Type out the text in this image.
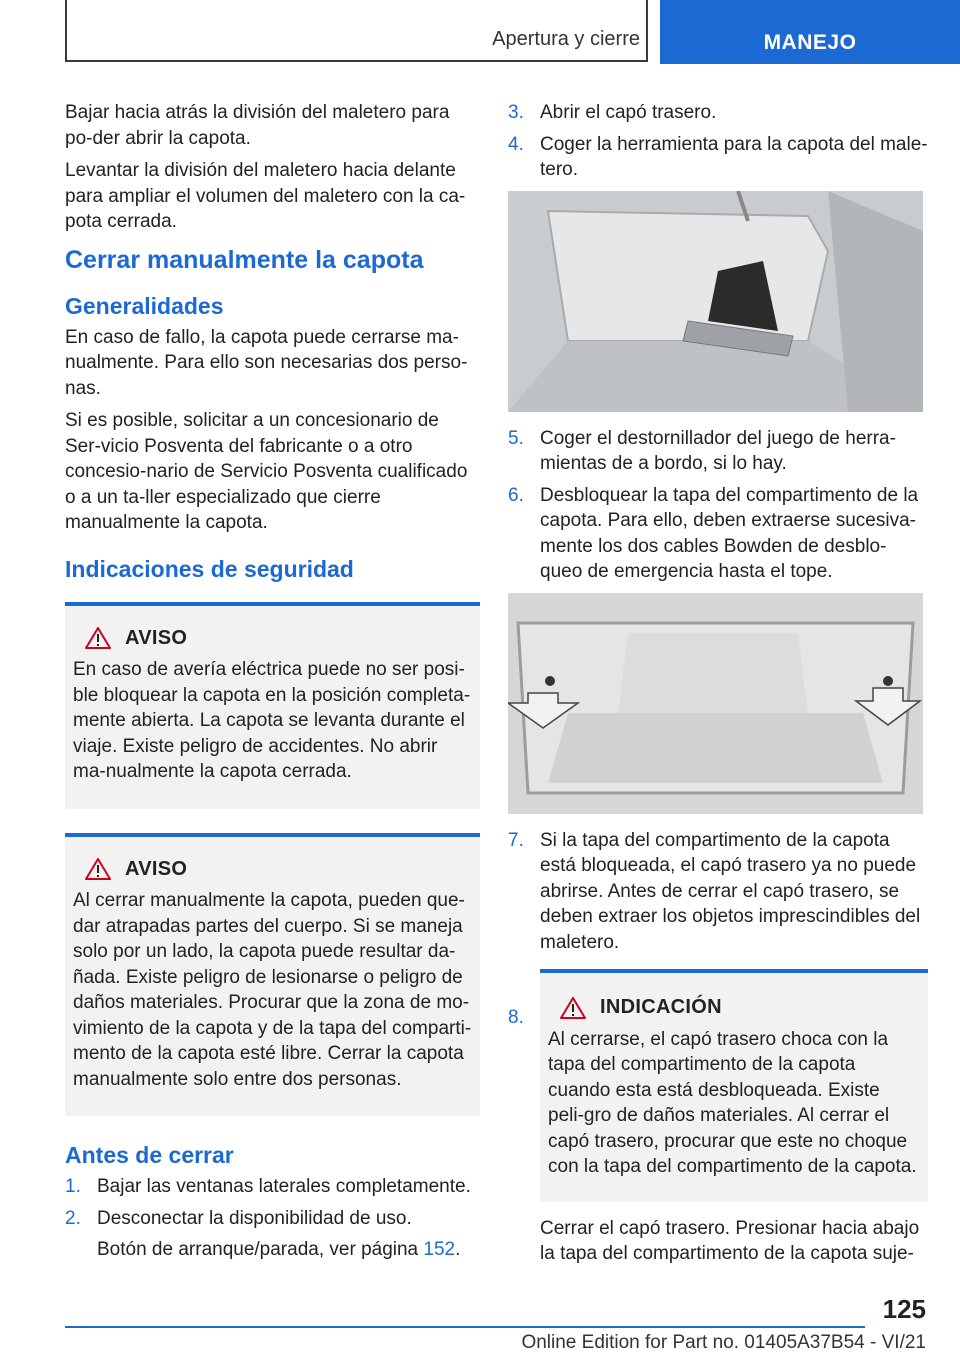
Apertura y cierre	MANEJO

Bajar hacia atrás la división del maletero para po-der abrir la capota.

Levantar la división del maletero hacia delante para ampliar el volumen del maletero con la ca-pota cerrada.

Cerrar manualmente la capota
Generalidades

En caso de fallo, la capota puede cerrarse ma-nualmente. Para ello son necesarias dos perso-nas.

Si es posible, solicitar a un concesionario de Ser-vicio Posventa del fabricante o a otro concesio-nario de Servicio Posventa cualificado o a un ta-ller especializado que cierre manualmente la capota.

Indicaciones de seguridad
AVISO

En caso de avería eléctrica puede no ser posi-ble bloquear la capota en la posición completa-mente abierta. La capota se levanta durante el viaje. Existe peligro de accidentes. No abrir ma-nualmente la capota cerrada.

AVISO

Al cerrar manualmente la capota, pueden que-dar atrapadas partes del cuerpo. Si se maneja solo por un lado, la capota puede resultar da-ñada. Existe peligro de lesionarse o peligro de daños materiales. Procurar que la zona de mo-vimiento de la capota y de la tapa del comparti-mento de la capota esté libre. Cerrar la capota manualmente solo entre dos personas.

Antes de cerrar
1. Bajar las ventanas laterales completamente.
2. Desconectar la disponibilidad de uso.

Botón de arranque/parada, ver página 152.

3. Abrir el capó trasero.
4. Coger la herramienta para la capota del male-tero.
5. Coger el destornillador del juego de herra-mientas de a bordo, si lo hay.
6. Desbloquear la tapa del compartimento de la capota. Para ello, deben extraerse sucesiva-mente los dos cables Bowden de desblo-queo de emergencia hasta el tope.
7. Si la tapa del compartimento de la capota está bloqueada, el capó trasero ya no puede abrirse. Antes de cerrar el capó trasero, se deben extraer los objetos imprescindibles del maletero.
8.	INDICACIÓN

Al cerrarse, el capó trasero choca con la tapa del compartimento de la capota cuando esta está desbloqueada. Existe peli-gro de daños materiales. Al cerrar el capó trasero, procurar que este no choque con la tapa del compartimento de la capota.

Cerrar el capó trasero. Presionar hacia abajo la tapa del compartimento de la capota suje-

125
Online Edition for Part no. 01405A37B54 - VI/21
